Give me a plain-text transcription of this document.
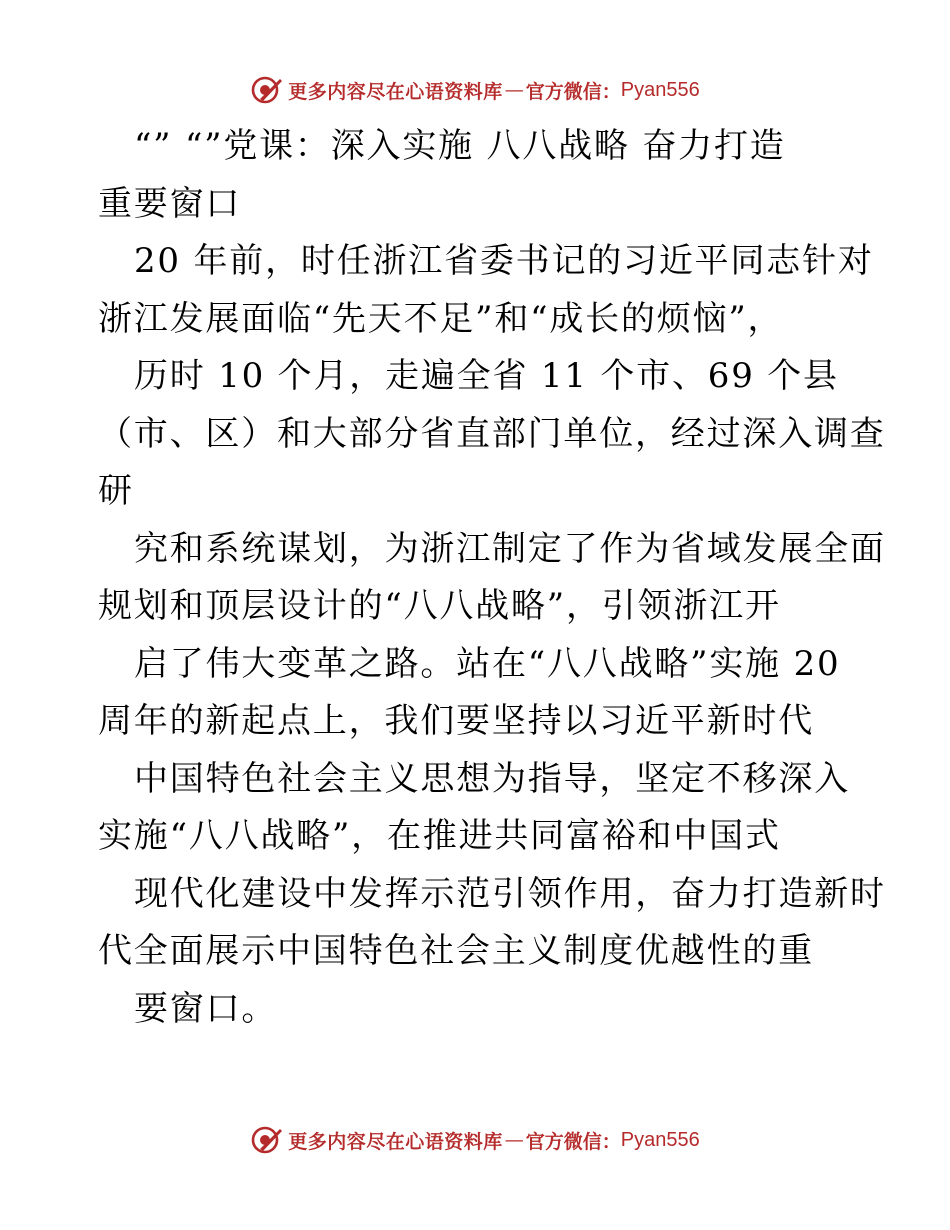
更多内容尽在心语资料库 — 官方微信： Pyan556
“” “”党课：深入实施 八八战略 奋力打造
重要窗口
20 年前，时任浙江省委书记的习近平同志针对
浙江发展面临“先天不足”和“成长的烦恼”，
历时 10 个月，走遍全省 11 个市、69 个县
（市、区）和大部分省直部门单位，经过深入调查
研
究和系统谋划，为浙江制定了作为省域发展全面
规划和顶层设计的“八八战略”，引领浙江开
启了伟大变革之路。站在“八八战略”实施 20
周年的新起点上，我们要坚持以习近平新时代
中国特色社会主义思想为指导，坚定不移深入
实施“八八战略”，在推进共同富裕和中国式
现代化建设中发挥示范引领作用，奋力打造新时
代全面展示中国特色社会主义制度优越性的重
要窗口。
更多内容尽在心语资料库 — 官方微信： Pyan556
